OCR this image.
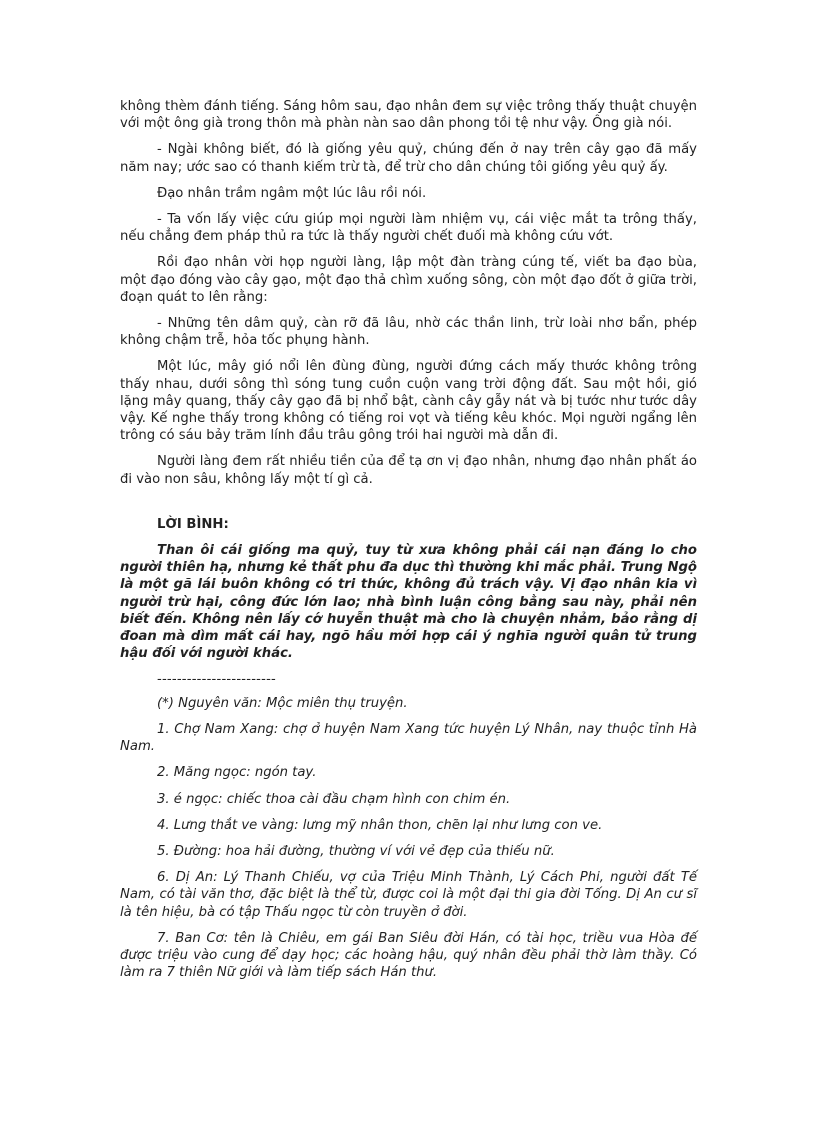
không thèm đánh tiếng. Sáng hôm sau, đạo nhân đem sự việc trông thấy thuật chuyện với một ông già trong thôn mà phàn nàn sao dân phong tồi tệ như vậy. Ông già nói.

- Ngài không biết, đó là giống yêu quỷ, chúng đến ở nay trên cây gạo đã mấy năm nay; ước sao có thanh kiếm trừ tà, để trừ cho dân chúng tôi giống yêu quỷ ấy.

Đạo nhân trầm ngâm một lúc lâu rồi nói.

- Ta vốn lấy việc cứu giúp mọi người làm nhiệm vụ, cái việc mắt ta trông thấy, nếu chẳng đem pháp thủ ra tức là thấy người chết đuối mà không cứu vớt.

Rồi đạo nhân vời họp người làng, lập một đàn tràng cúng tế, viết ba đạo bùa, một đạo đóng vào cây gạo, một đạo thả chìm xuống sông, còn một đạo đốt ở giữa trời, đoạn quát to lên rằng:

- Những tên dâm quỷ, càn rỡ đã lâu, nhờ các thần linh, trừ loài nhơ bẩn, phép không chậm trễ, hỏa tốc phụng hành.

Một lúc, mây gió nổi lên đùng đùng, người đứng cách mấy thước không trông thấy nhau, dưới sông thì sóng tung cuồn cuộn vang trời động đất. Sau một hồi, gió lặng mây quang, thấy cây gạo đã bị nhổ bật, cành cây gẫy nát và bị tước như tước dây vậy. Kế nghe thấy trong không có tiếng roi vọt và tiếng kêu khóc. Mọi người ngẩng lên trông có sáu bảy trăm lính đầu trâu gông trói hai người mà dẫn đi.

Người làng đem rất nhiều tiền của để tạ ơn vị đạo nhân, nhưng đạo nhân phất áo đi vào non sâu, không lấy một tí gì cả.

LỜI BÌNH:

Than ôi cái giống ma quỷ, tuy từ xưa không phải cái nạn đáng lo cho người thiên hạ, nhưng kẻ thất phu đa dục thì thường khi mắc phải. Trung Ngộ là một gã lái buôn không có tri thức, không đủ trách vậy. Vị đạo nhân kia vì người trừ hại, công đức lớn lao; nhà bình luận công bằng sau này, phải nên biết đến. Không nên lấy cớ huyễn thuật mà cho là chuyện nhảm, bảo rằng dị đoan mà dìm mất cái hay, ngõ hầu mới hợp cái ý nghĩa người quân tử trung hậu đối với người khác.

------------------------

(*) Nguyên văn: Mộc miên thụ truyện.

1. Chợ Nam Xang: chợ ở huyện Nam Xang tức huyện Lý Nhân, nay thuộc tỉnh Hà Nam.

2. Măng ngọc: ngón tay.

3. é ngọc: chiếc thoa cài đầu chạm hình con chim én.

4. Lưng thắt ve vàng: lưng mỹ nhân thon, chẽn lại như lưng con ve.

5. Đường: hoa hải đường, thường ví với vẻ đẹp của thiếu nữ.

6. Dị An: Lý Thanh Chiếu, vợ của Triệu Minh Thành, Lý Cách Phi, người đất Tế Nam, có tài văn thơ, đặc biệt là thể từ, được coi là một đại thi gia đời Tống. Dị An cư sĩ là tên hiệu, bà có tập Thấu ngọc từ còn truyền ở đời.

7. Ban Cơ: tên là Chiêu, em gái Ban Siêu đời Hán, có tài học, triều vua Hòa đế được triệu vào cung để dạy học; các hoàng hậu, quý nhân đều phải thờ làm thầy. Có làm ra 7 thiên Nữ giới và làm tiếp sách Hán thư.
